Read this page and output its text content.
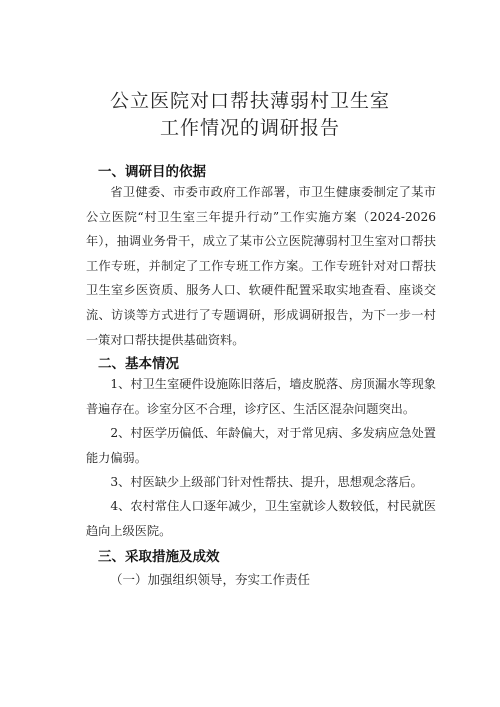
公立医院对口帮扶薄弱村卫生室
工作情况的调研报告
一、调研目的依据
省卫健委、市委市政府工作部署，市卫生健康委制定了某市公立医院“村卫生室三年提升行动”工作实施方案（2024-2026年），抽调业务骨干，成立了某市公立医院薄弱村卫生室对口帮扶工作专班，并制定了工作专班工作方案。工作专班针对对口帮扶卫生室乡医资质、服务人口、软硬件配置采取实地查看、座谈交流、访谈等方式进行了专题调研，形成调研报告，为下一步一村一策对口帮扶提供基础资料。
二、基本情况
1、村卫生室硬件设施陈旧落后，墙皮脱落、房顶漏水等现象普遍存在。诊室分区不合理，诊疗区、生活区混杂问题突出。
2、村医学历偏低、年龄偏大，对于常见病、多发病应急处置能力偏弱。
3、村医缺少上级部门针对性帮扶、提升，思想观念落后。
4、农村常住人口逐年减少，卫生室就诊人数较低，村民就医趋向上级医院。
三、采取措施及成效
（一）加强组织领导，夯实工作责任
